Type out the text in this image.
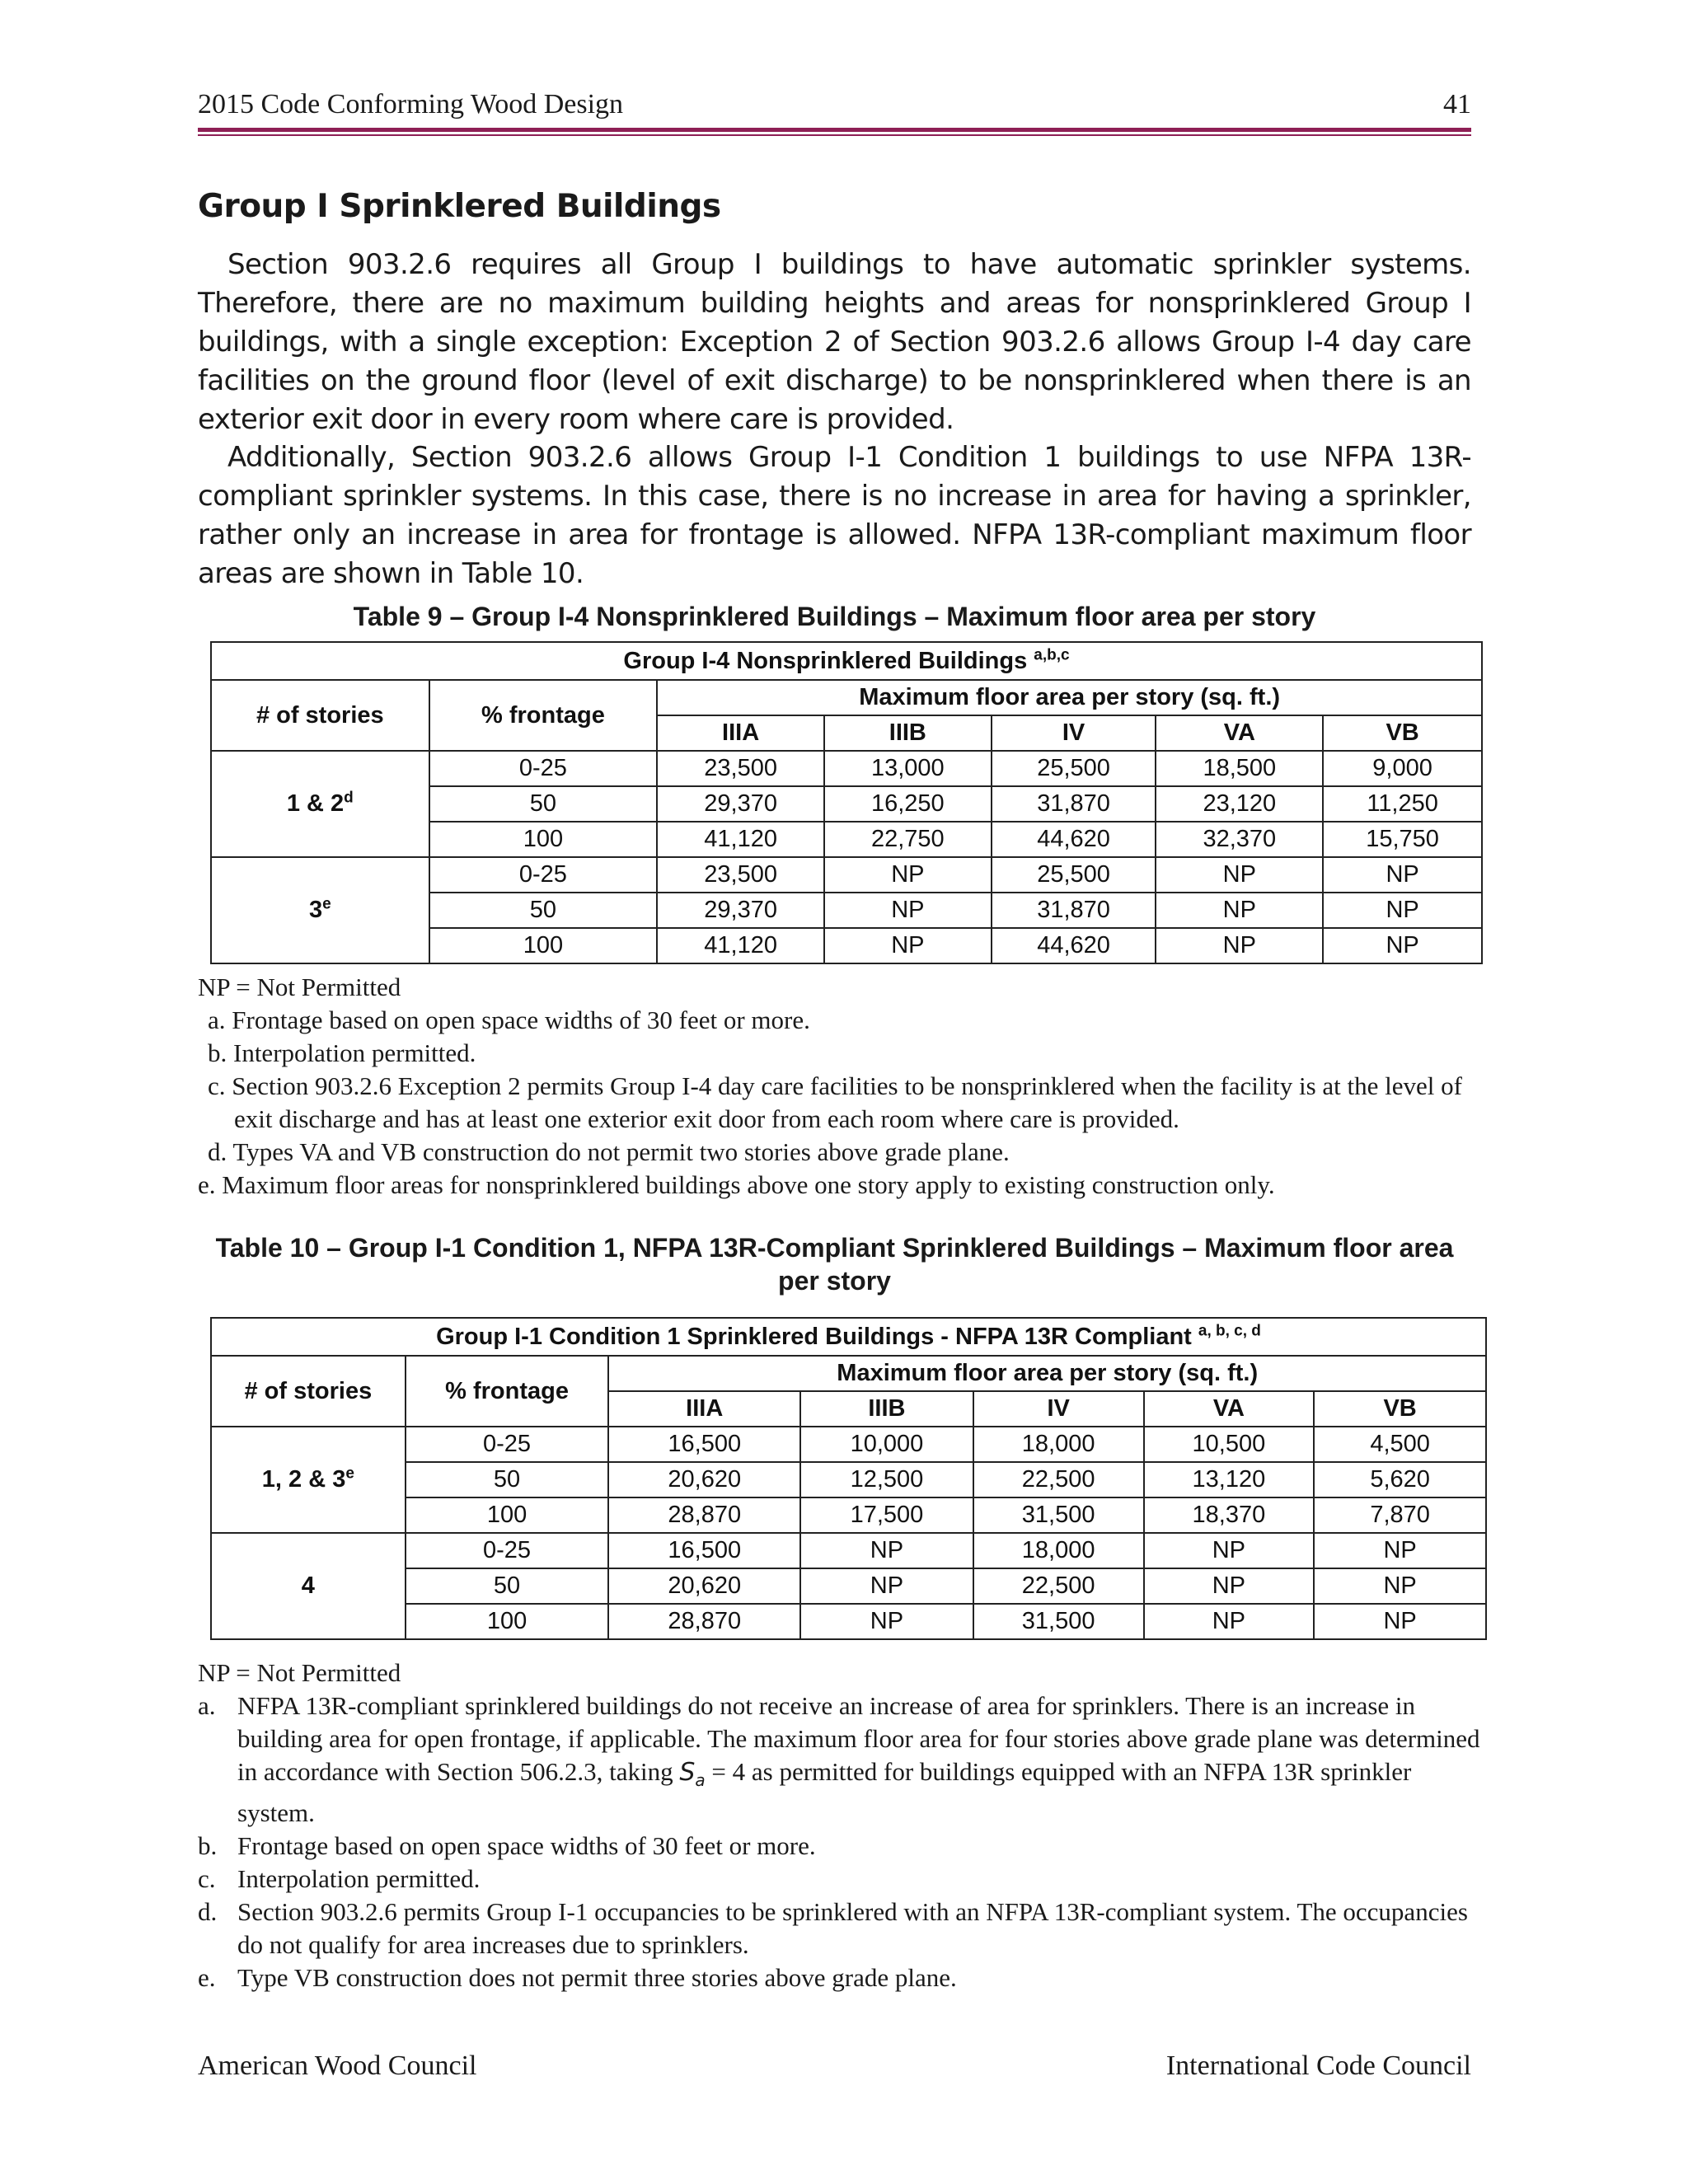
2015 Code Conforming Wood Design	41
Group I Sprinklered Buildings

Section 903.2.6 requires all Group I buildings to have automatic sprinkler systems. Therefore, there are no maximum building heights and areas for nonsprinklered Group I buildings, with a single exception: Exception 2 of Section 903.2.6 allows Group I-4 day care facilities on the ground floor (level of exit discharge) to be nonsprinklered when there is an exterior exit door in every room where care is provided.

Additionally, Section 903.2.6 allows Group I-1 Condition 1 buildings to use NFPA 13R-compliant sprinkler systems. In this case, there is no increase in area for having a sprinkler, rather only an increase in area for frontage is allowed. NFPA 13R-compliant maximum floor areas are shown in Table 10.

Table 9 – Group I-4 Nonsprinklered Buildings – Maximum floor area per story
Group I-4 Nonsprinklered Buildings $^{a,b,c}$
# of stories	% frontage	Maximum floor area per story (sq. ft.)				
		IIIA	IIIB	IV	VA	VB
1 & 2$^d$	0-25	23,500	13,000	25,500	18,500	9,000
	50	29,370	16,250	31,870	23,120	11,250
	100	41,120	22,750	44,620	32,370	15,750
3e	0-25	23,500	NP	25,500	NP	NP
	50	29,370	NP	31,870	NP	NP
	100	41,120	NP	44,620	NP	NP
NP = Not Permitted
a. Frontage based on open space widths of 30 feet or more.
b. Interpolation permitted.
c. Section 903.2.6 Exception 2 permits Group I-4 day care facilities to be nonsprinklered when the facility is at the level of exit discharge and has at least one exterior exit door from each room where care is provided.
d. Types VA and VB construction do not permit two stories above grade plane.
e. Maximum floor areas for nonsprinklered buildings above one story apply to existing construction only.
Table 10 – Group I-1 Condition 1, NFPA 13R-Compliant Sprinklered Buildings – Maximum floor area per story
Group I-1 Condition 1 Sprinklered Buildings - NFPA 13R Compliant $^{a, b, c, d}$
# of stories	% frontage	Maximum floor area per story (sq. ft.)				
		IIIA	IIIB	IV	VA	VB
1, 2 & 3e	0-25	16,500	10,000	18,000	10,500	4,500
	50	20,620	12,500	22,500	13,120	5,620
	100	28,870	17,500	31,500	18,370	7,870
4	0-25	16,500	NP	18,000	NP	NP
	50	20,620	NP	22,500	NP	NP
	100	28,870	NP	31,500	NP	NP
NP = Not Permitted
a. NFPA 13R-compliant sprinklered buildings do not receive an increase of area for sprinklers. There is an increase in building area for open frontage, if applicable. The maximum floor area for four stories above grade plane was determined in accordance with Section 506.2.3, taking $S_a = 4$ as permitted for buildings equipped with an NFPA 13R sprinkler system.
b. Frontage based on open space widths of 30 feet or more.
c. Interpolation permitted.
d. Section 903.2.6 permits Group I-1 occupancies to be sprinklered with an NFPA 13R-compliant system. The occupancies do not qualify for area increases due to sprinklers.
e. Type VB construction does not permit three stories above grade plane.
American Wood Council	International Code Council
